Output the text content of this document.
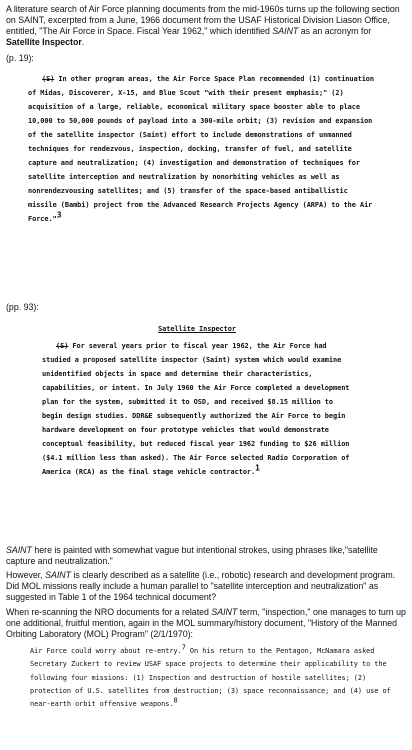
A literature search of Air Force planning documents from the mid-1960s turns up the following section on SAINT, excerpted from a June, 1966 document from the USAF Historical Division Liason Office, entitled, "The Air Force in Space. Fiscal Year 1962," which identified SAINT as an acronym for Satellite Inspector.

(p. 19):

(S) In other program areas, the Air Force Space Plan recommended (1) continuation of Midas, Discoverer, X-15, and Blue Scout "with their present emphasis;" (2) acquisition of a large, reliable, economical military space booster able to place 10,000 to 50,000 pounds of payload into a 300-mile orbit; (3) revision and expansion of the satellite inspector (Saint) effort to include demonstrations of unmanned techniques for rendezvous, inspection, docking, transfer of fuel, and satellite capture and neutralization; (4) investigation and demonstration of techniques for satellite interception and neutralization by nonorbiting vehicles as well as nonrendezvousing satellites; and (5) transfer of the space-based antiballistic missile (Bambi) project from the Advanced Research Projects Agency (ARPA) to the Air Force."3

(pp. 93):

Satellite Inspector
(S) For several years prior to fiscal year 1962, the Air Force had studied a proposed satellite inspector (Saint) system which would examine unidentified objects in space and determine their characteristics, capabilities, or intent. In July 1960 the Air Force completed a development plan for the system, submitted it to OSD, and received $8.15 million to begin design studies. DDR&E subsequently authorized the Air Force to begin hardware development on four prototype vehicles that would demonstrate conceptual feasibility, but reduced fiscal year 1962 funding to $26 million ($4.1 million less than asked). The Air Force selected Radio Corporation of America (RCA) as the final stage vehicle contractor.1

SAINT here is painted with somewhat vague but intentional strokes, using phrases like,"satellite capture and neutralization."

However, SAINT is clearly described as a satellite (i.e., robotic) research and development program. Did MOL missions really include a human parallel to "satellite interception and neutralization" as suggested in Table 1 of the 1964 technical document?

When re-scanning the NRO documents for a related SAINT term, "inspection," one manages to turn up one additional, fruitful mention, again in the MOL summary/history document, "History of the Manned Orbiting Laboratory (MOL) Program" (2/1/1970):

Air Force could worry about re-entry.7 On his return to the Pentagon, McNamara asked Secretary Zuckert to review USAF space projects to determine their applicability to the following four missions: (1) Inspection and destruction of hostile satellites; (2) protection of U.S. satellites from destruction; (3) space reconnaissance; and (4) use of near-earth orbit offensive weapons.8
